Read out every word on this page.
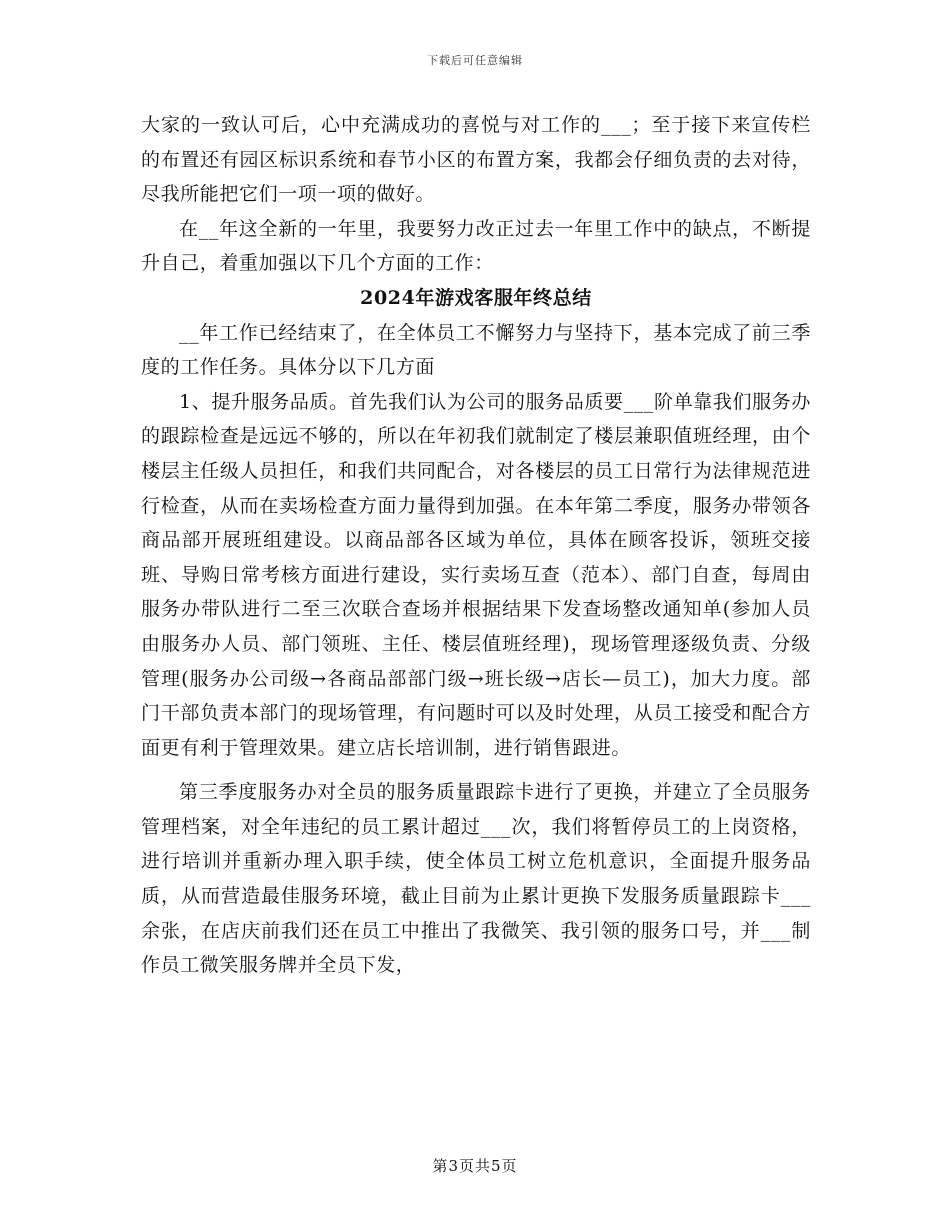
下载后可任意编辑

大家的一致认可后，心中充满成功的喜悦与对工作的___；至于接下来宣传栏的布置还有园区标识系统和春节小区的布置方案，我都会仔细负责的去对待，尽我所能把它们一项一项的做好。

在__年这全新的一年里，我要努力改正过去一年里工作中的缺点，不断提升自己，着重加强以下几个方面的工作：

2024年游戏客服年终总结

__年工作已经结束了，在全体员工不懈努力与坚持下，基本完成了前三季度的工作任务。具体分以下几方面

1、提升服务品质。首先我们认为公司的服务品质要___阶单靠我们服务办的跟踪检查是远远不够的，所以在年初我们就制定了楼层兼职值班经理，由个楼层主任级人员担任，和我们共同配合，对各楼层的员工日常行为法律规范进行检查，从而在卖场检查方面力量得到加强。在本年第二季度，服务办带领各商品部开展班组建设。以商品部各区域为单位，具体在顾客投诉，领班交接班、导购日常考核方面进行建设，实行卖场互查（范本）、部门自查，每周由服务办带队进行二至三次联合查场并根据结果下发查场整改通知单(参加人员由服务办人员、部门领班、主任、楼层值班经理)，现场管理逐级负责、分级管理(服务办公司级→各商品部部门级→班长级→店长—员工)，加大力度。部门干部负责本部门的现场管理，有问题时可以及时处理，从员工接受和配合方面更有利于管理效果。建立店长培训制，进行销售跟进。

第三季度服务办对全员的服务质量跟踪卡进行了更换，并建立了全员服务管理档案，对全年违纪的员工累计超过___次，我们将暂停员工的上岗资格，进行培训并重新办理入职手续，使全体员工树立危机意识，全面提升服务品质，从而营造最佳服务环境，截止目前为止累计更换下发服务质量跟踪卡___余张，在店庆前我们还在员工中推出了我微笑、我引领的服务口号，并___制作员工微笑服务牌并全员下发，

第3页共5页
